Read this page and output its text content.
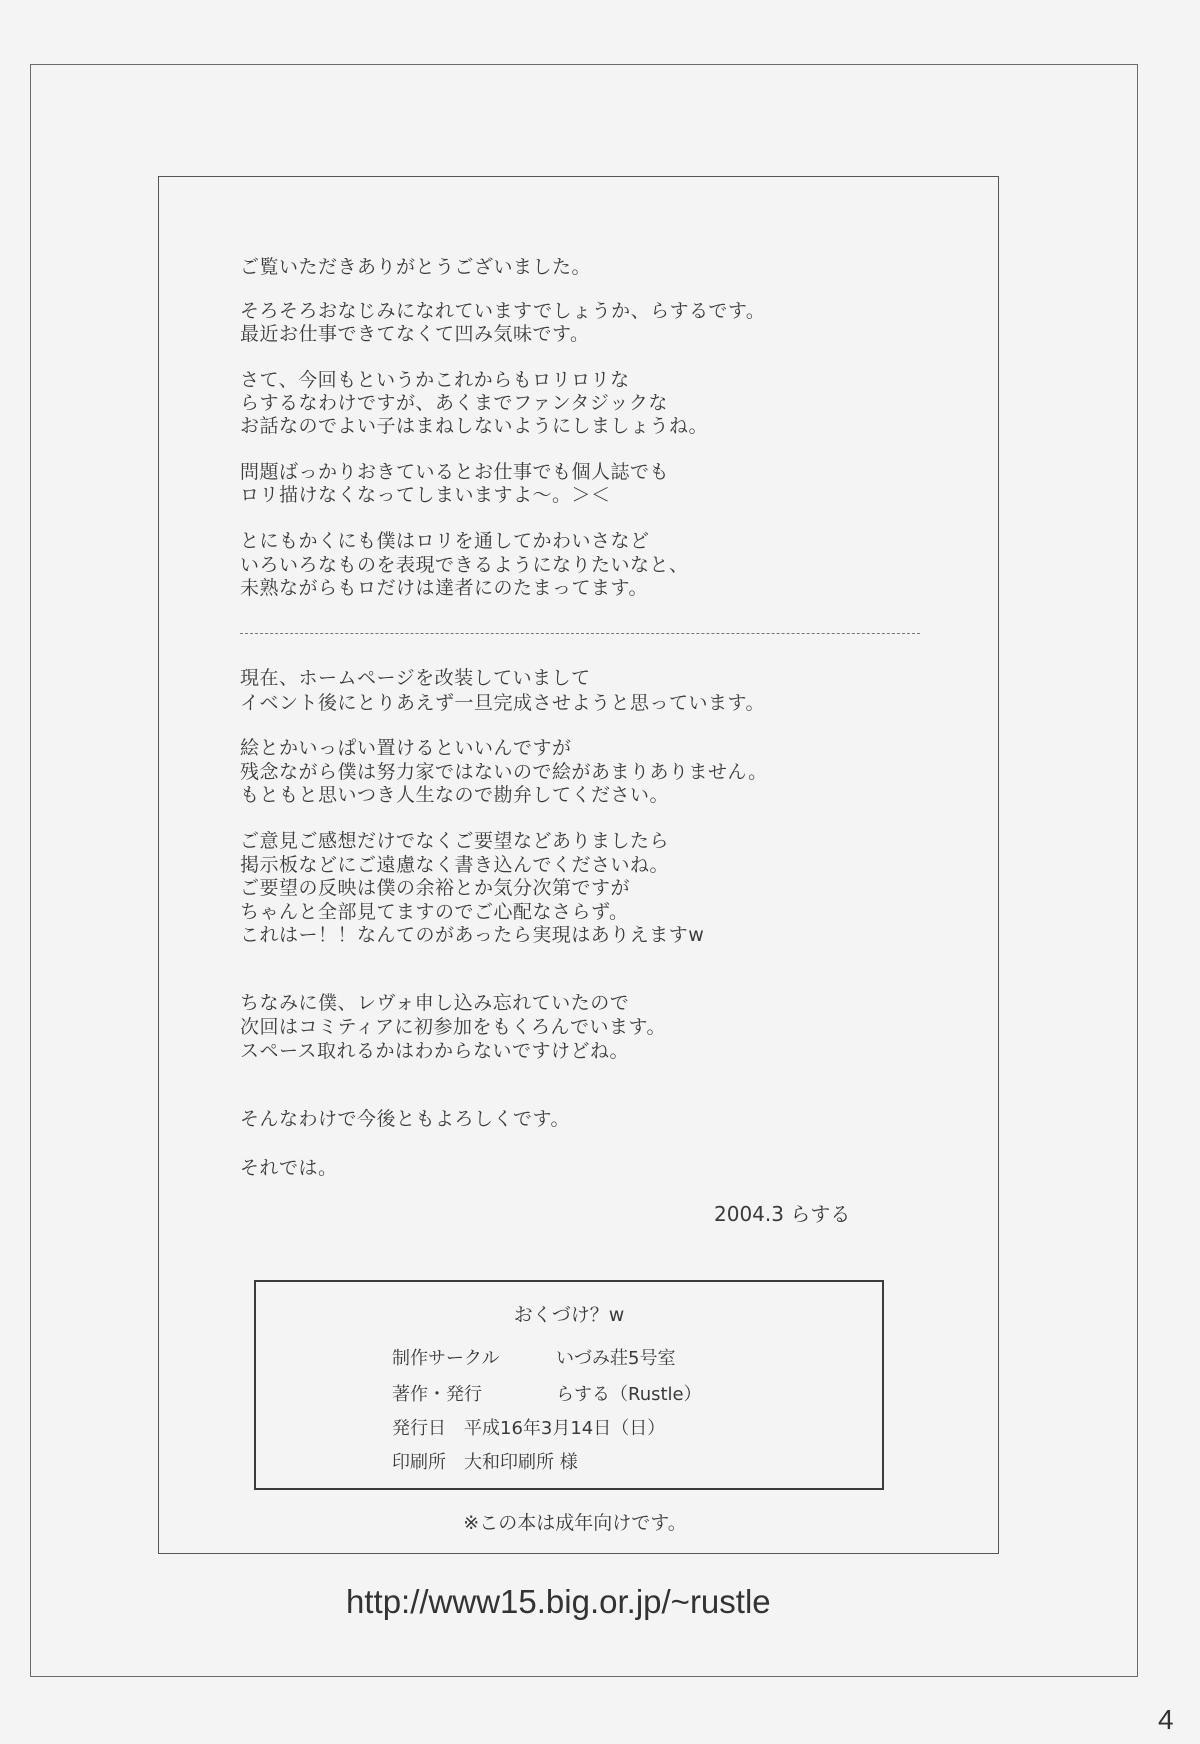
ご覧いただきありがとうございました。
そろそろおなじみになれていますでしょうか、らするです。
最近お仕事できてなくて凹み気味です。
さて、今回もというかこれからもロリロリな
らするなわけですが、あくまでファンタジックな
お話なのでよい子はまねしないようにしましょうね。
問題ばっかりおきているとお仕事でも個人誌でも
ロリ描けなくなってしまいますよ～。＞＜
とにもかくにも僕はロリを通してかわいさなど
いろいろなものを表現できるようになりたいなと、
未熟ながらもロだけは達者にのたまってます。
現在、ホームページを改装していまして
イベント後にとりあえず一旦完成させようと思っています。
絵とかいっぱい置けるといいんですが
残念ながら僕は努力家ではないので絵があまりありません。
もともと思いつき人生なので勘弁してください。
ご意見ご感想だけでなくご要望などありましたら
掲示板などにご遠慮なく書き込んでくださいね。
ご要望の反映は僕の余裕とか気分次第ですが
ちゃんと全部見てますのでご心配なさらず。
これはー！！なんてのがあったら実現はありえますw
ちなみに僕、レヴォ申し込み忘れていたので
次回はコミティアに初参加をもくろんでいます。
スペース取れるかはわからないですけどね。
そんなわけで今後ともよろしくです。
それでは。
2004.3 らする
おくづけ？w
制作サークル	いづみ荘5号室
著作・発行	らする（Rustle）
発行日　平成16年3月14日（日）
印刷所　大和印刷所 様
※この本は成年向けです。
http://www15.big.or.jp/~rustle
4
